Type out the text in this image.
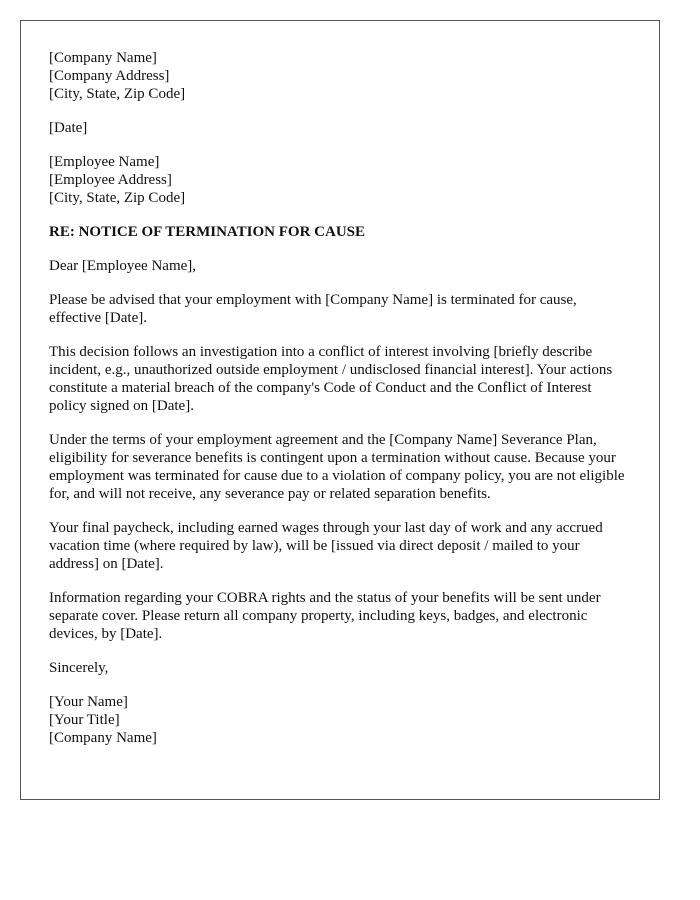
[Company Name]
[Company Address]
[City, State, Zip Code]
[Date]
[Employee Name]
[Employee Address]
[City, State, Zip Code]
RE: NOTICE OF TERMINATION FOR CAUSE
Dear [Employee Name],

Please be advised that your employment with [Company Name] is terminated for cause, effective [Date].

This decision follows an investigation into a conflict of interest involving [briefly describe incident, e.g., unauthorized outside employment / undisclosed financial interest]. Your actions constitute a material breach of the company's Code of Conduct and the Conflict of Interest policy signed on [Date].

Under the terms of your employment agreement and the [Company Name] Severance Plan, eligibility for severance benefits is contingent upon a termination without cause. Because your employment was terminated for cause due to a violation of company policy, you are not eligible for, and will not receive, any severance pay or related separation benefits.

Your final paycheck, including earned wages through your last day of work and any accrued vacation time (where required by law), will be [issued via direct deposit / mailed to your address] on [Date].

Information regarding your COBRA rights and the status of your benefits will be sent under separate cover. Please return all company property, including keys, badges, and electronic devices, by [Date].

Sincerely,
[Your Name]
[Your Title]
[Company Name]
